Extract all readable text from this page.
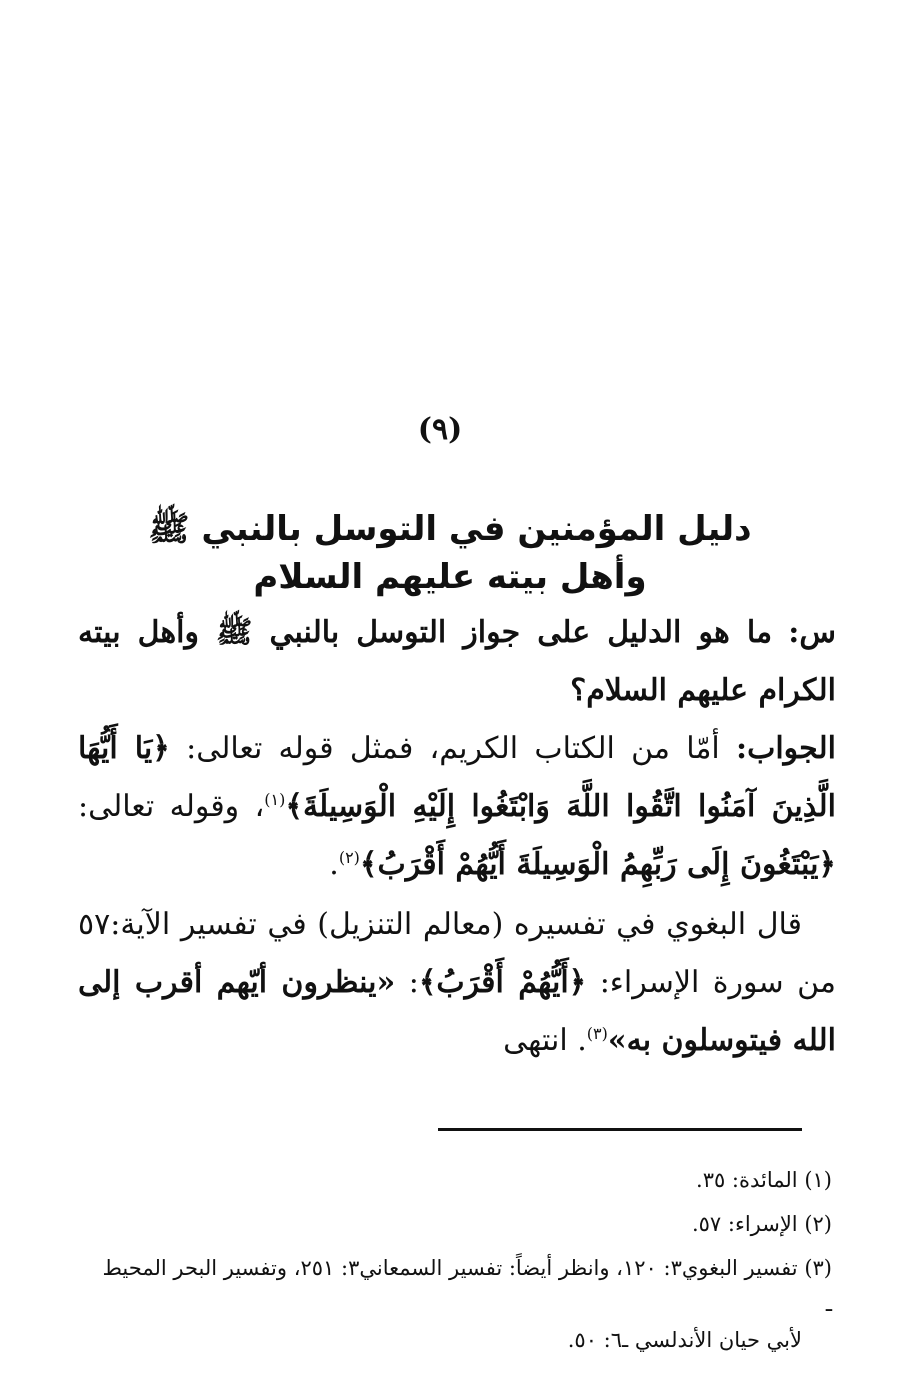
(٩)
دليل المؤمنين في التوسل بالنبي ﷺ وأهل بيته عليهم السلام
س: ما هو الدليل على جواز التوسل بالنبي ﷺ وأهل بيته الكرام عليهم السلام؟
الجواب: أمّا من الكتاب الكريم، فمثل قوله تعالى: ﴿يَا أَيُّهَا الَّذِينَ آمَنُوا اتَّقُوا اللَّهَ وَابْتَغُوا إِلَيْهِ الْوَسِيلَةَ﴾$^{(١)}$، وقوله تعالى: ﴿يَبْتَغُونَ إِلَى رَبِّهِمُ الْوَسِيلَةَ أَيُّهُمْ أَقْرَبُ﴾$^{(٢)}$.
قال البغوي في تفسيره (معالم التنزيل) في تفسير الآية:٥٧ من سورة الإسراء: ﴿أَيُّهُمْ أَقْرَبُ﴾: «ينظرون أيّهم أقرب إلى الله فيتوسلون به»$^{(٣)}$. انتهى
(١) المائدة: ٣٥.
(٢) الإسراء: ٥٧.
(٣) تفسير البغوي٣: ١٢٠، وانظر أيضاً: تفسير السمعاني٣: ٢٥١، وتفسير البحر المحيط ـ
لأبي حيان الأندلسي ـ٦: ٥٠.
